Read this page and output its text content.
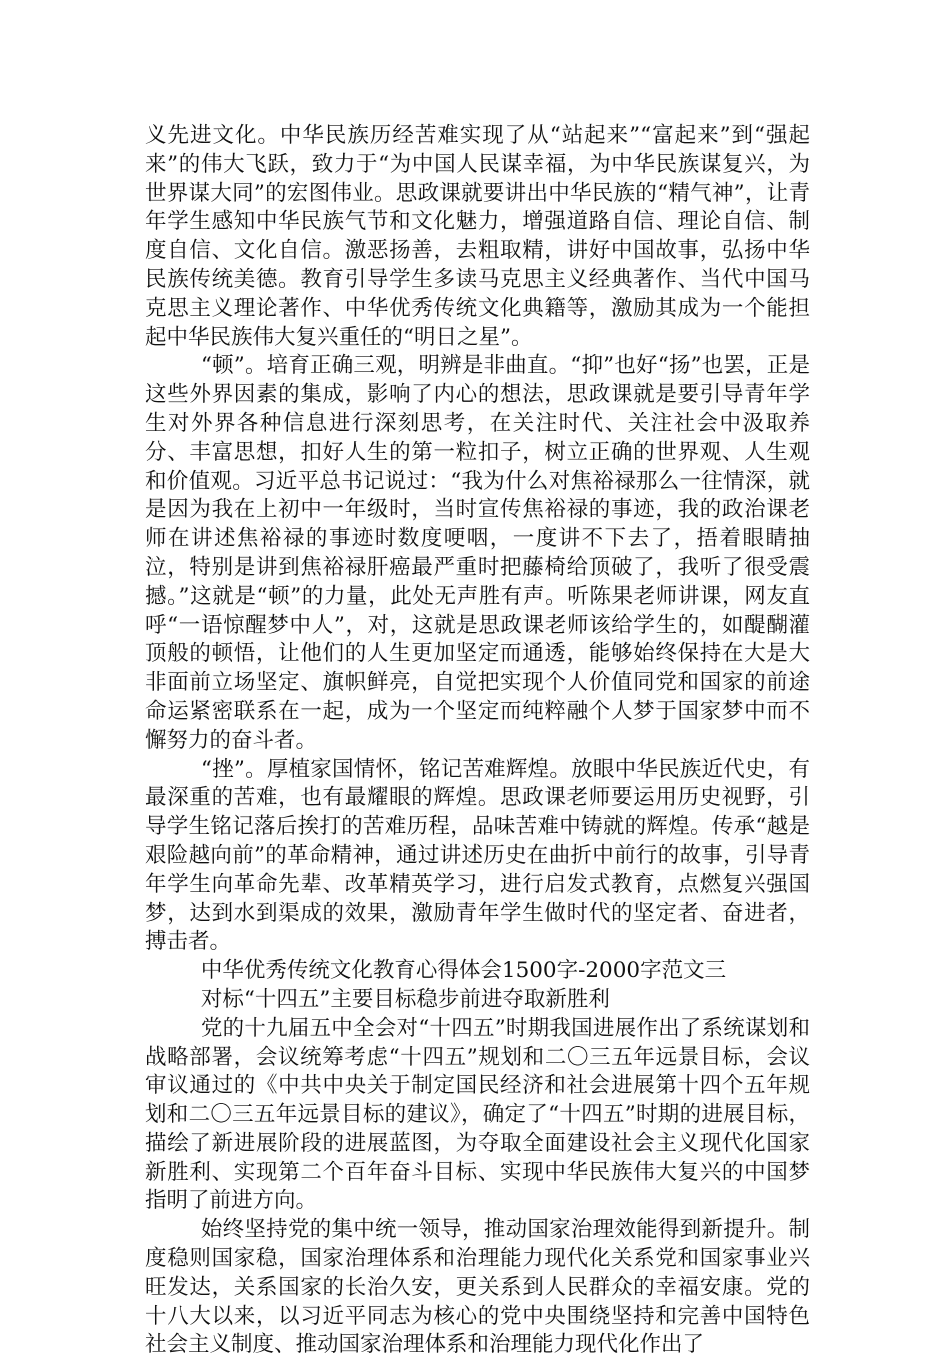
义先进文化。中华民族历经苦难实现了从“站起来”“富起来”到“强起来”的伟大飞跃，致力于“为中国人民谋幸福，为中华民族谋复兴，为世界谋大同”的宏图伟业。思政课就要讲出中华民族的“精气神”，让青年学生感知中华民族气节和文化魅力，增强道路自信、理论自信、制度自信、文化自信。激恶扬善，去粗取精，讲好中国故事，弘扬中华民族传统美德。教育引导学生多读马克思主义经典著作、当代中国马克思主义理论著作、中华优秀传统文化典籍等，激励其成为一个能担起中华民族伟大复兴重任的“明日之星”。

“顿”。培育正确三观，明辨是非曲直。“抑”也好“扬”也罢，正是这些外界因素的集成，影响了内心的想法，思政课就是要引导青年学生对外界各种信息进行深刻思考，在关注时代、关注社会中汲取养分、丰富思想，扣好人生的第一粒扣子，树立正确的世界观、人生观和价值观。习近平总书记说过：“我为什么对焦裕禄那么一往情深，就是因为我在上初中一年级时，当时宣传焦裕禄的事迹，我的政治课老师在讲述焦裕禄的事迹时数度哽咽，一度讲不下去了，捂着眼睛抽泣，特别是讲到焦裕禄肝癌最严重时把藤椅给顶破了，我听了很受震撼。”这就是“顿”的力量，此处无声胜有声。听陈果老师讲课，网友直呼“一语惊醒梦中人”，对，这就是思政课老师该给学生的，如醍醐灌顶般的顿悟，让他们的人生更加坚定而通透，能够始终保持在大是大非面前立场坚定、旗帜鲜亮，自觉把实现个人价值同党和国家的前途命运紧密联系在一起，成为一个坚定而纯粹融个人梦于国家梦中而不懈努力的奋斗者。

“挫”。厚植家国情怀，铭记苦难辉煌。放眼中华民族近代史，有最深重的苦难，也有最耀眼的辉煌。思政课老师要运用历史视野，引导学生铭记落后挨打的苦难历程，品味苦难中铸就的辉煌。传承“越是艰险越向前”的革命精神，通过讲述历史在曲折中前行的故事，引导青年学生向革命先辈、改革精英学习，进行启发式教育，点燃复兴强国梦，达到水到渠成的效果，激励青年学生做时代的坚定者、奋进者，搏击者。

中华优秀传统文化教育心得体会1500字-2000字范文三

对标“十四五”主要目标稳步前进夺取新胜利

党的十九届五中全会对“十四五”时期我国进展作出了系统谋划和战略部署，会议统筹考虑“十四五”规划和二〇三五年远景目标，会议审议通过的《中共中央关于制定国民经济和社会进展第十四个五年规划和二〇三五年远景目标的建议》，确定了“十四五”时期的进展目标，描绘了新进展阶段的进展蓝图，为夺取全面建设社会主义现代化国家新胜利、实现第二个百年奋斗目标、实现中华民族伟大复兴的中国梦指明了前进方向。

始终坚持党的集中统一领导，推动国家治理效能得到新提升。制度稳则国家稳，国家治理体系和治理能力现代化关系党和国家事业兴旺发达，关系国家的长治久安，更关系到人民群众的幸福安康。党的十八大以来，以习近平同志为核心的党中央围绕坚持和完善中国特色社会主义制度、推动国家治理体系和治理能力现代化作出了
